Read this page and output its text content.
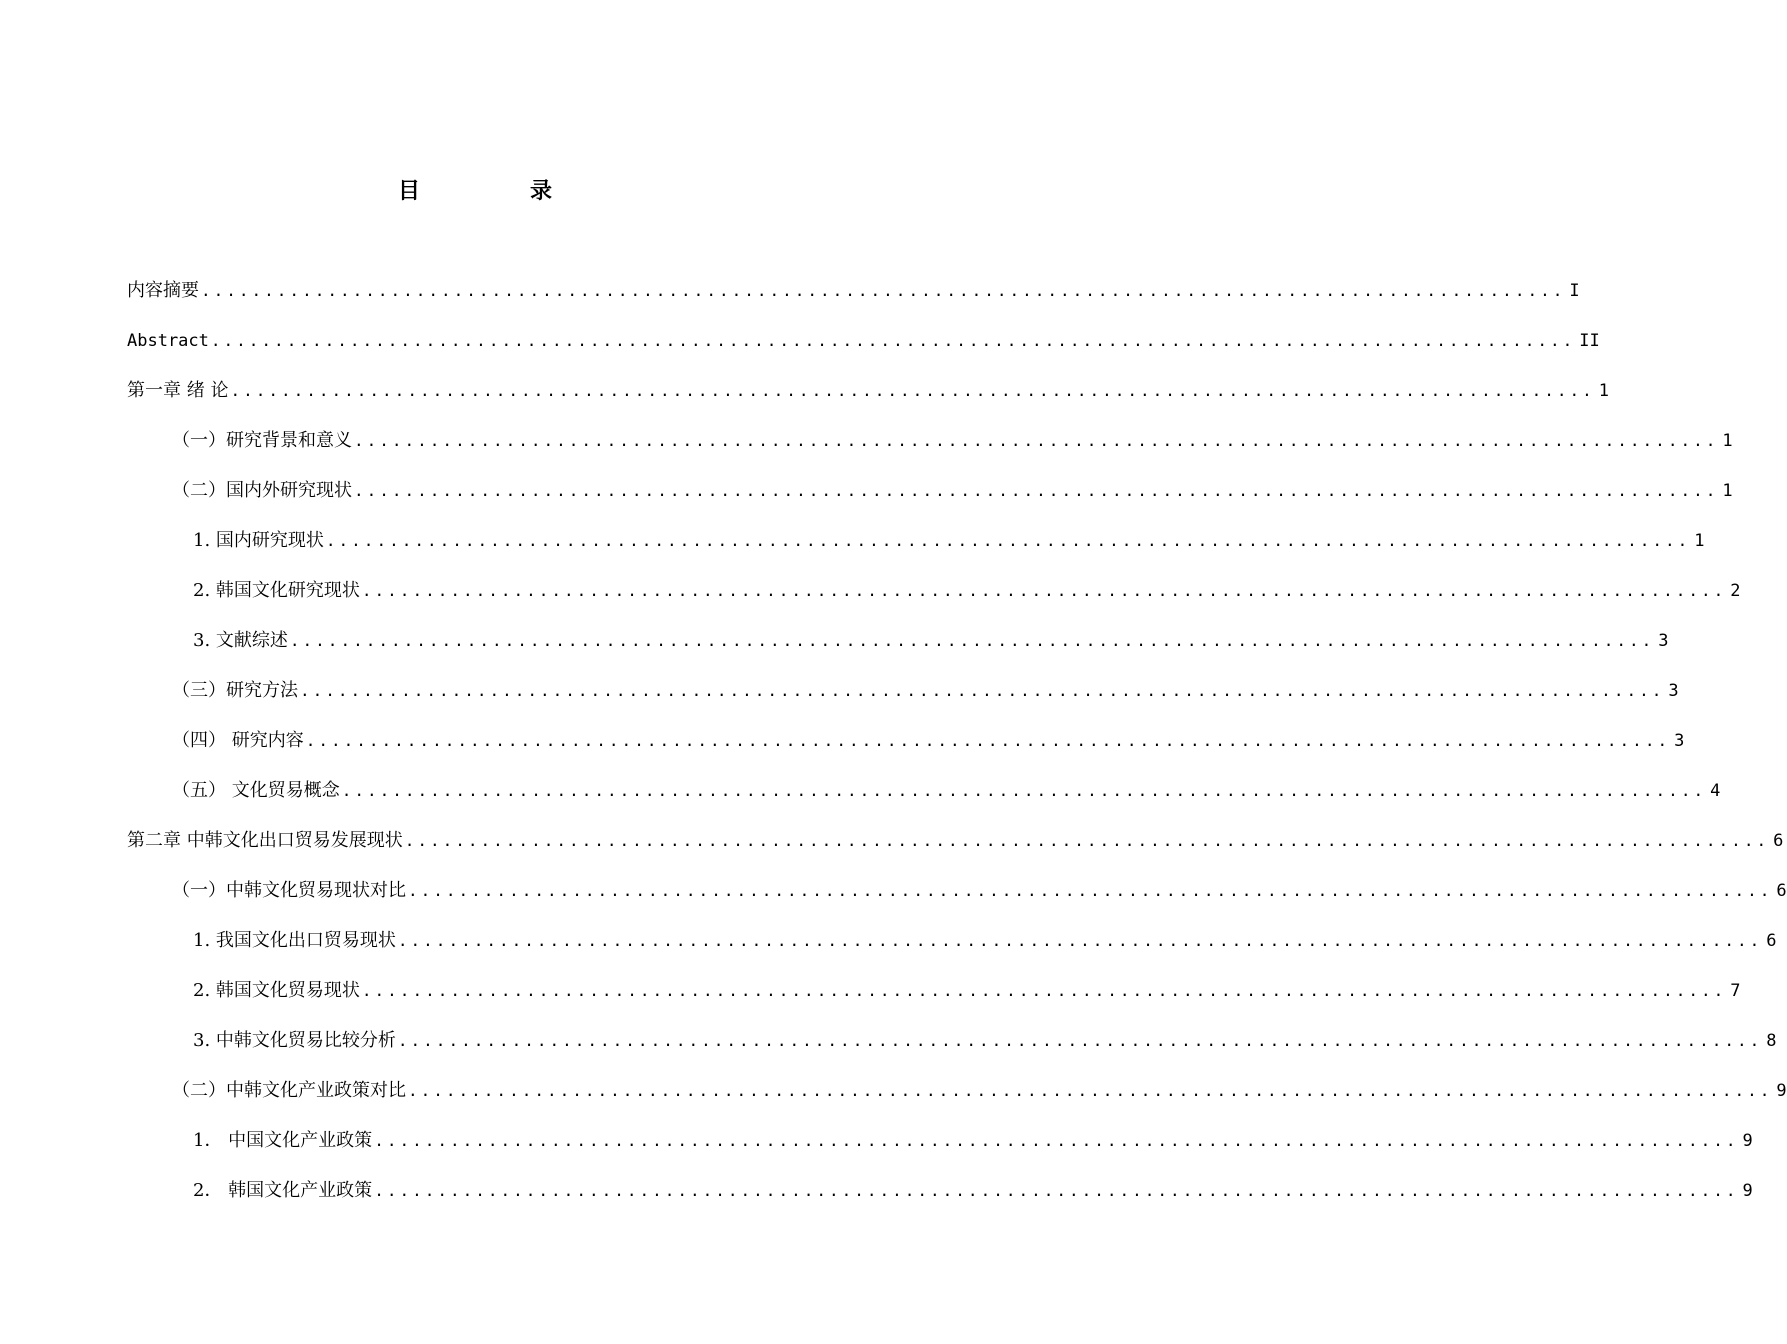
目　录
内容摘要 ............................................................................................................ I
Abstract ............................................................................................................ II
第一章 绪 论 ............................................................................................................ 1
（一）研究背景和意义 ............................................................................................................ 1
（二）国内外研究现状 ............................................................................................................ 1
1. 国内研究现状 ............................................................................................................ 1
2. 韩国文化研究现状 ............................................................................................................ 2
3. 文献综述 ............................................................................................................ 3
（三）研究方法 ............................................................................................................ 3
（四） 研究内容 ............................................................................................................ 3
（五） 文化贸易概念 ............................................................................................................ 4
第二章 中韩文化出口贸易发展现状 ............................................................................................................ 6
（一）中韩文化贸易现状对比 ............................................................................................................ 6
1. 我国文化出口贸易现状 ............................................................................................................ 6
2. 韩国文化贸易现状 ............................................................................................................ 7
3. 中韩文化贸易比较分析 ............................................................................................................ 8
（二）中韩文化产业政策对比 ............................................................................................................ 9
1． 中国文化产业政策 ............................................................................................................ 9
2． 韩国文化产业政策 ............................................................................................................ 9
